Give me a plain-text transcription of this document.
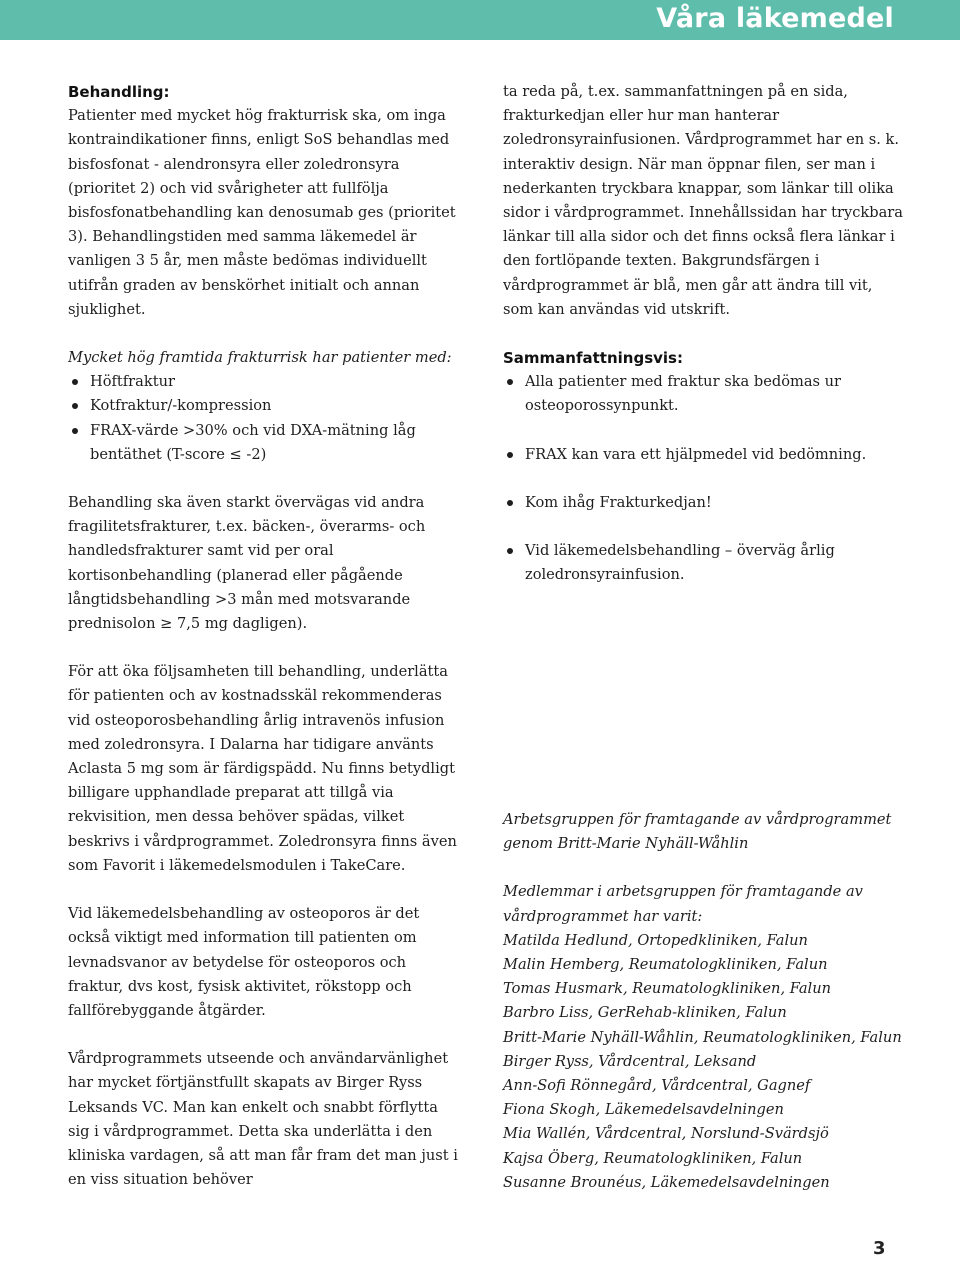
Våra läkemedel

Behandling:

Patienter med mycket hög frakturrisk ska, om inga kontraindikationer finns, enligt SoS behandlas med bisfosfonat - alendronsyra eller zoledronsyra (prioritet 2) och vid svårigheter att fullfölja bisfosfonatbehandling kan denosumab ges (prioritet 3). Behandlingstiden med samma läkemedel är vanligen 3 5 år, men måste bedömas individuellt utifrån graden av benskörhet initialt och annan sjuklighet.

Mycket hög framtida frakturrisk har patienter med:

Höftfraktur
Kotfraktur/-kompression
FRAX-värde >30% och vid DXA-mätning låg bentäthet (T-score ≤ -2)

Behandling ska även starkt övervägas vid andra fragilitetsfrakturer, t.ex. bäcken-, överarms- och handledsfrakturer samt vid per oral kortisonbehandling (planerad eller pågående långtidsbehandling >3 mån med motsvarande prednisolon ≥ 7,5 mg dagligen).

För att öka följsamheten till behandling, underlätta för patienten och av kostnadsskäl rekommenderas vid osteoporosbehandling årlig intravenös infusion med zoledronsyra. I Dalarna har tidigare använts Aclasta 5 mg som är färdigspädd. Nu finns betydligt billigare upphandlade preparat att tillgå via rekvisition, men dessa behöver spädas, vilket beskrivs i vårdprogrammet. Zoledronsyra finns även som Favorit i läkemedelsmodulen i TakeCare.

Vid läkemedelsbehandling av osteoporos är det också viktigt med information till patienten om levnadsvanor av betydelse för osteoporos och fraktur, dvs kost, fysisk aktivitet, rökstopp och fallförebyggande åtgärder.

Vårdprogrammets utseende och användarvänlighet har mycket förtjänstfullt skapats av Birger Ryss Leksands VC. Man kan enkelt och snabbt förflytta sig i vårdprogrammet. Detta ska underlätta i den kliniska vardagen, så att man får fram det man just i en viss situation behöver

ta reda på, t.ex. sammanfattningen på en sida, frakturkedjan eller hur man hanterar zoledronsyrainfusionen. Vårdprogrammet har en s. k. interaktiv design. När man öppnar filen, ser man i nederkanten tryckbara knappar, som länkar till olika sidor i vårdprogrammet. Innehållssidan har tryckbara länkar till alla sidor och det finns också flera länkar i den fortlöpande texten. Bakgrundsfärgen i vårdprogrammet är blå, men går att ändra till vit, som kan användas vid utskrift.

Sammanfattningsvis:

Alla patienter med fraktur ska bedömas ur osteoporossynpunkt.
FRAX kan vara ett hjälpmedel vid bedömning.
Kom ihåg Frakturkedjan!
Vid läkemedelsbehandling – överväg årlig zoledronsyrainfusion.

Arbetsgruppen för framtagande av vårdprogrammet genom Britt-Marie Nyhäll-Wåhlin

Medlemmar i arbetsgruppen för framtagande av vårdprogrammet har varit:

Matilda Hedlund, Ortopedkliniken, Falun

Malin Hemberg, Reumatologkliniken, Falun

Tomas Husmark, Reumatologkliniken, Falun

Barbro Liss, GerRehab-kliniken, Falun

Britt-Marie Nyhäll-Wåhlin, Reumatologkliniken, Falun

Birger Ryss, Vårdcentral, Leksand

Ann-Sofi Rönnegård, Vårdcentral, Gagnef

Fiona Skogh, Läkemedelsavdelningen

Mia Wallén, Vårdcentral, Norslund-Svärdsjö

Kajsa Öberg, Reumatologkliniken, Falun

Susanne Brounéus, Läkemedelsavdelningen

3
